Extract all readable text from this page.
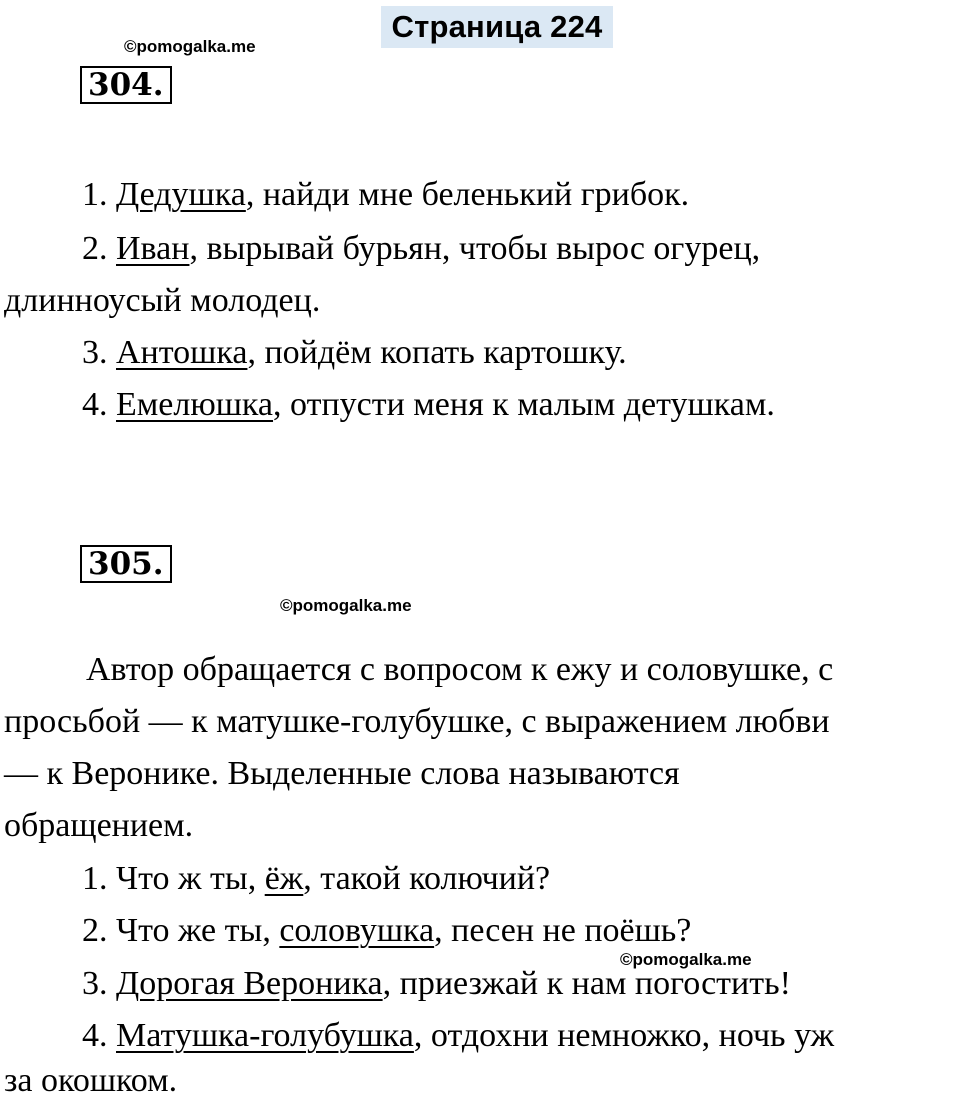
Страница 224
©pomogalka.me
304.
1. Дедушка, найди мне беленький грибок.
2. Иван, вырывай бурьян, чтобы вырос огурец,
длинноусый молодец.
3. Антошка, пойдём копать картошку.
4. Емелюшка, отпусти меня к малым детушкам.
305.
©pomogalka.me
Автор обращается с вопросом к ежу и соловушке, с
просьбой — к матушке-голубушке, с выражением любви
— к Веронике. Выделенные слова называются
обращением.
1. Что ж ты, ёж, такой колючий?
2. Что же ты, соловушка, песен не поёшь?
©pomogalka.me
3. Дорогая Вероника, приезжай к нам погостить!
4. Матушка-голубушка, отдохни немножко, ночь уж
за окошком.
